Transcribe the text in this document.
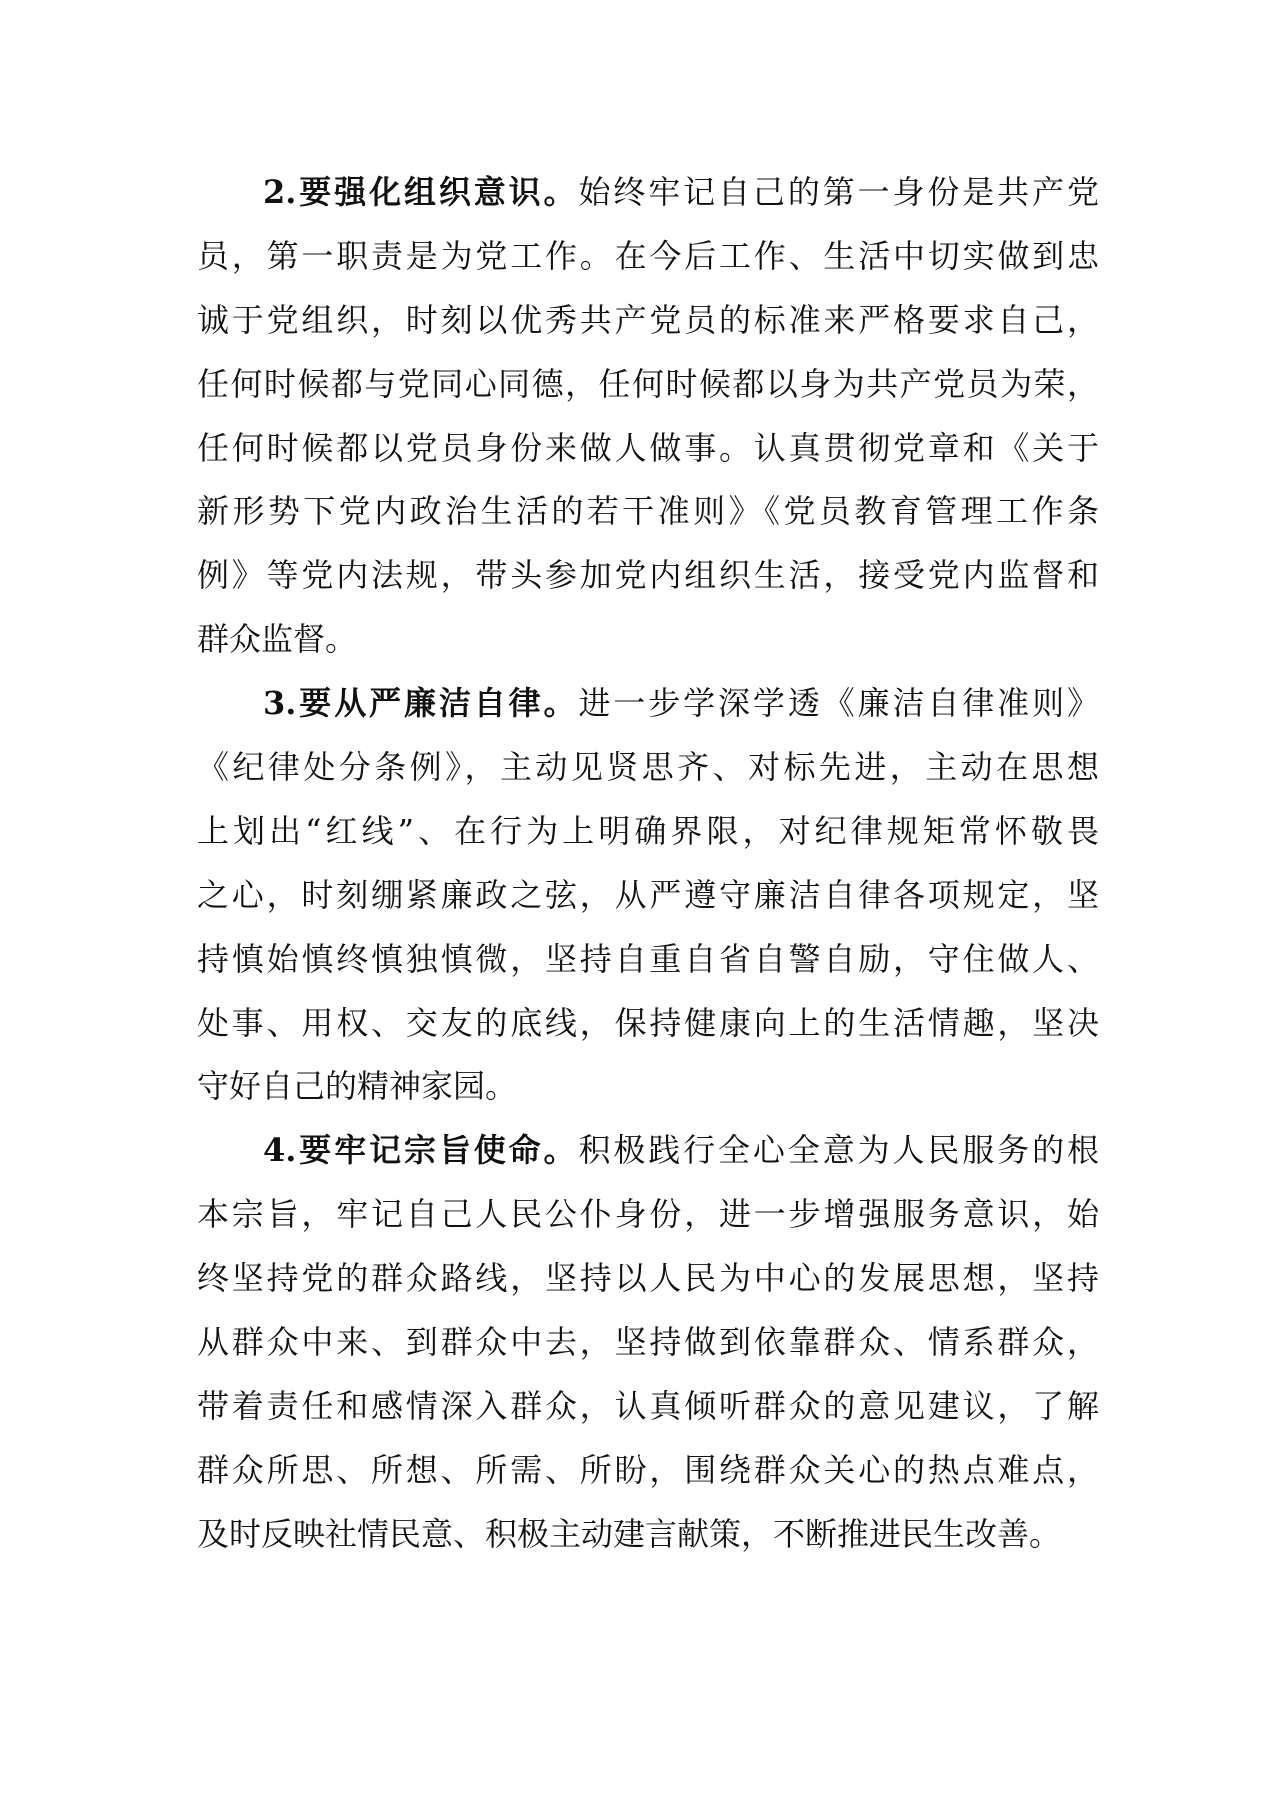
2.要强化组织意识。始终牢记自己的第一身份是共产党
员，第一职责是为党工作。在今后工作、生活中切实做到忠
诚于党组织，时刻以优秀共产党员的标准来严格要求自己，
任何时候都与党同心同德，任何时候都以身为共产党员为荣，
任何时候都以党员身份来做人做事。认真贯彻党章和《关于
新形势下党内政治生活的若干准则》《党员教育管理工作条
例》等党内法规，带头参加党内组织生活，接受党内监督和
群众监督。
3.要从严廉洁自律。进一步学深学透《廉洁自律准则》
《纪律处分条例》，主动见贤思齐、对标先进，主动在思想
上划出“红线”、在行为上明确界限，对纪律规矩常怀敬畏
之心，时刻绷紧廉政之弦，从严遵守廉洁自律各项规定，坚
持慎始慎终慎独慎微，坚持自重自省自警自励，守住做人、
处事、用权、交友的底线，保持健康向上的生活情趣，坚决
守好自己的精神家园。
4.要牢记宗旨使命。积极践行全心全意为人民服务的根
本宗旨，牢记自己人民公仆身份，进一步增强服务意识，始
终坚持党的群众路线，坚持以人民为中心的发展思想，坚持
从群众中来、到群众中去，坚持做到依靠群众、情系群众，
带着责任和感情深入群众，认真倾听群众的意见建议，了解
群众所思、所想、所需、所盼，围绕群众关心的热点难点，
及时反映社情民意、积极主动建言献策，不断推进民生改善。
